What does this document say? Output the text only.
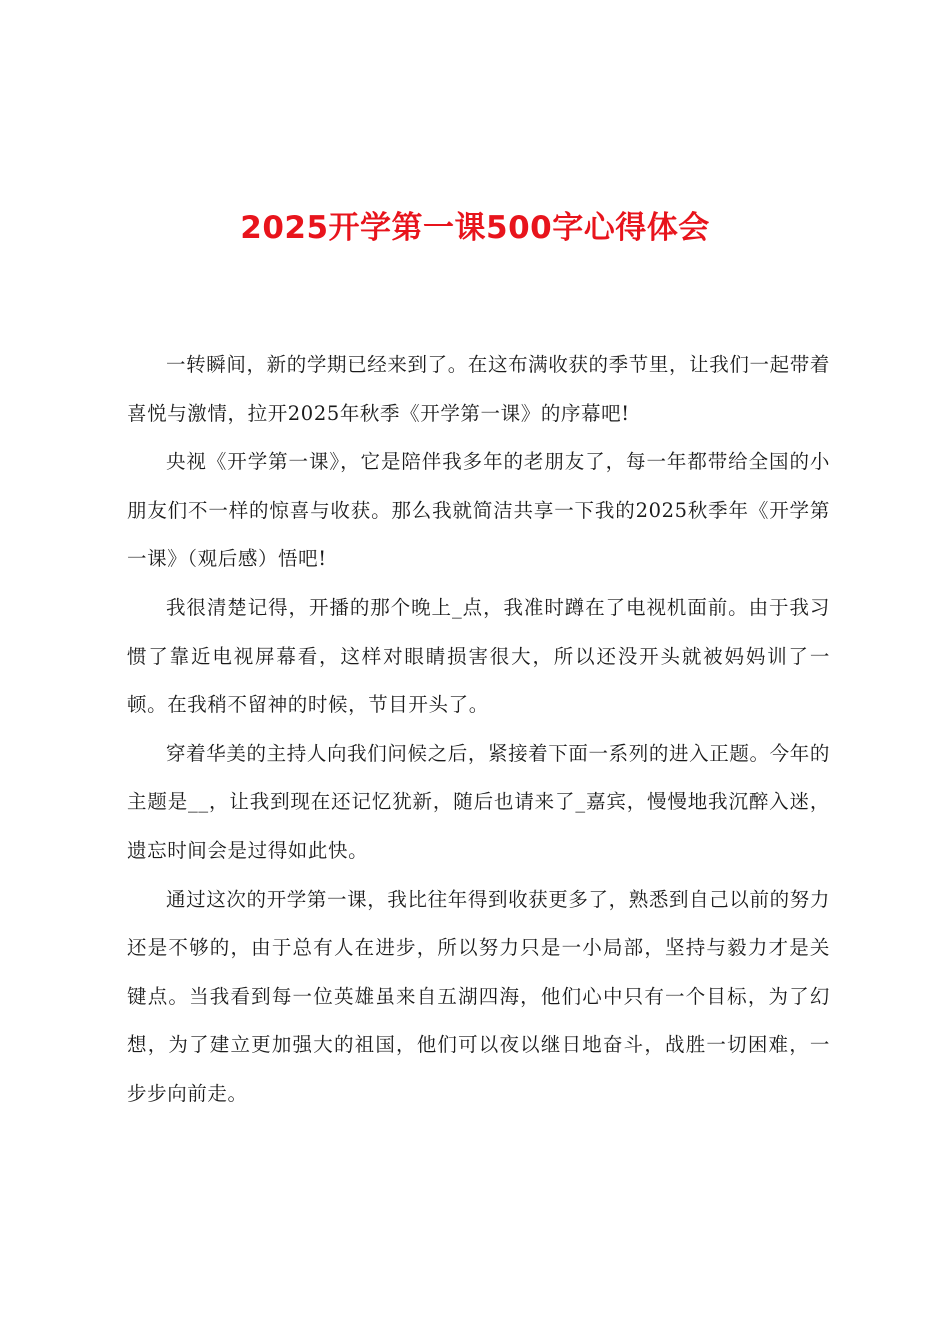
2025开学第一课500字心得体会

一转瞬间，新的学期已经来到了。在这布满收获的季节里，让我们一起带着喜悦与激情，拉开2025年秋季《开学第一课》的序幕吧!

央视《开学第一课》，它是陪伴我多年的老朋友了，每一年都带给全国的小朋友们不一样的惊喜与收获。那么我就简洁共享一下我的2025秋季年《开学第一课》（观后感）悟吧!

我很清楚记得，开播的那个晚上_点，我准时蹲在了电视机面前。由于我习惯了靠近电视屏幕看，这样对眼睛损害很大，所以还没开头就被妈妈训了一顿。在我稍不留神的时候，节目开头了。

穿着华美的主持人向我们问候之后，紧接着下面一系列的进入正题。今年的主题是__，让我到现在还记忆犹新，随后也请来了_嘉宾，慢慢地我沉醉入迷，遗忘时间会是过得如此快。

通过这次的开学第一课，我比往年得到收获更多了，熟悉到自己以前的努力还是不够的，由于总有人在进步，所以努力只是一小局部，坚持与毅力才是关键点。当我看到每一位英雄虽来自五湖四海，他们心中只有一个目标，为了幻想，为了建立更加强大的祖国，他们可以夜以继日地奋斗，战胜一切困难，一步步向前走。
